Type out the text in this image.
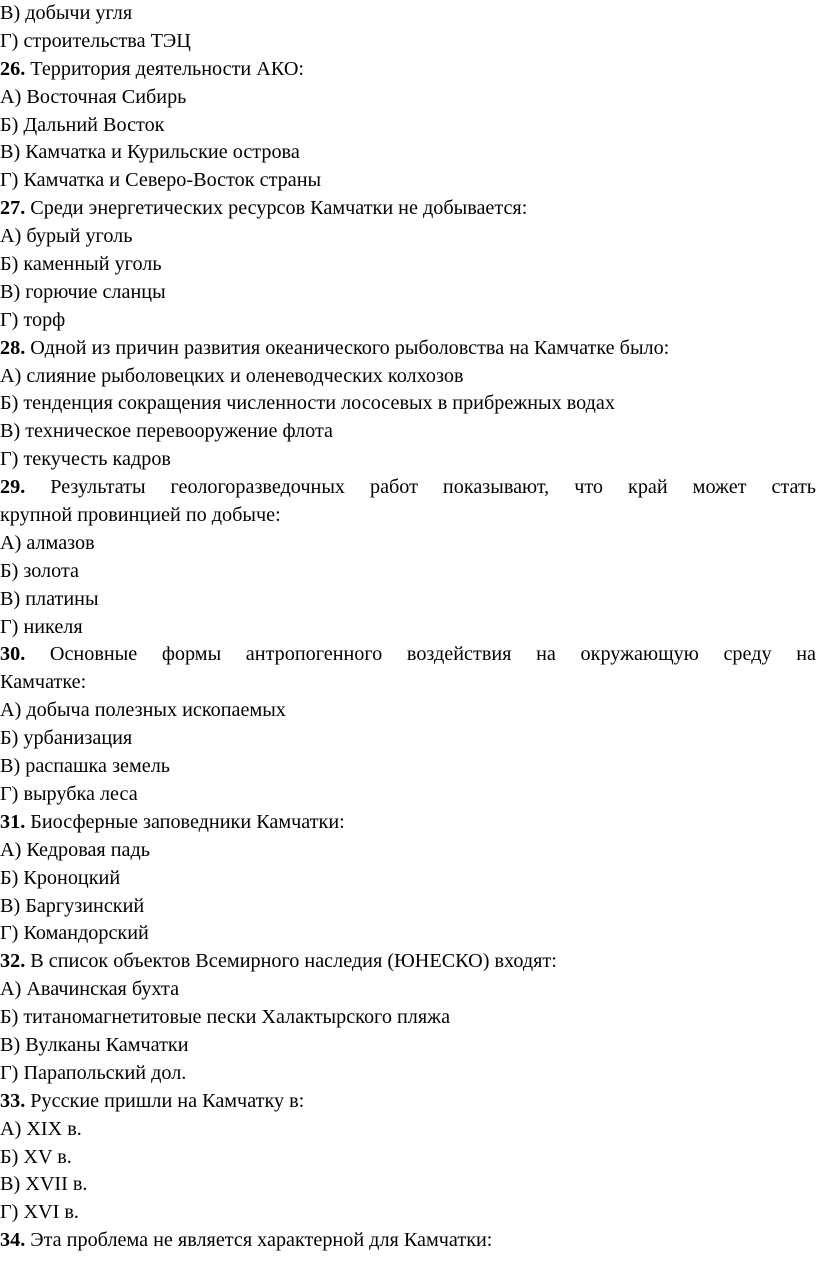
В) добычи угля
Г) строительства ТЭЦ
26. Территория деятельности АКО:
А) Восточная Сибирь
Б) Дальний Восток
В) Камчатка и Курильские острова
Г) Камчатка и Северо-Восток страны
27. Среди энергетических ресурсов Камчатки не добывается:
А) бурый уголь
Б) каменный уголь
В) горючие сланцы
Г) торф
28. Одной из причин развития океанического рыболовства на Камчатке было:
А) слияние рыболовецких и оленеводческих колхозов
Б) тенденция сокращения численности лососевых в прибрежных водах
В) техническое перевооружение флота
Г) текучесть кадров
29. Результаты геологоразведочных работ показывают, что край может стать
крупной провинцией по добыче:
А) алмазов
Б) золота
В) платины
Г) никеля
30. Основные формы антропогенного воздействия на окружающую среду на
Камчатке:
А) добыча полезных ископаемых
Б) урбанизация
В) распашка земель
Г) вырубка леса
31. Биосферные заповедники Камчатки:
А) Кедровая падь
Б) Кроноцкий
В) Баргузинский
Г) Командорский
32. В список объектов Всемирного наследия (ЮНЕСКО) входят:
А) Авачинская бухта
Б) титаномагнетитовые пески Халактырского пляжа
В) Вулканы Камчатки
Г) Парапольский дол.
33. Русские пришли на Камчатку в:
А) XIX в.
Б) XV в.
В) XVII в.
Г) XVI в.
34. Эта проблема не является характерной для Камчатки:
